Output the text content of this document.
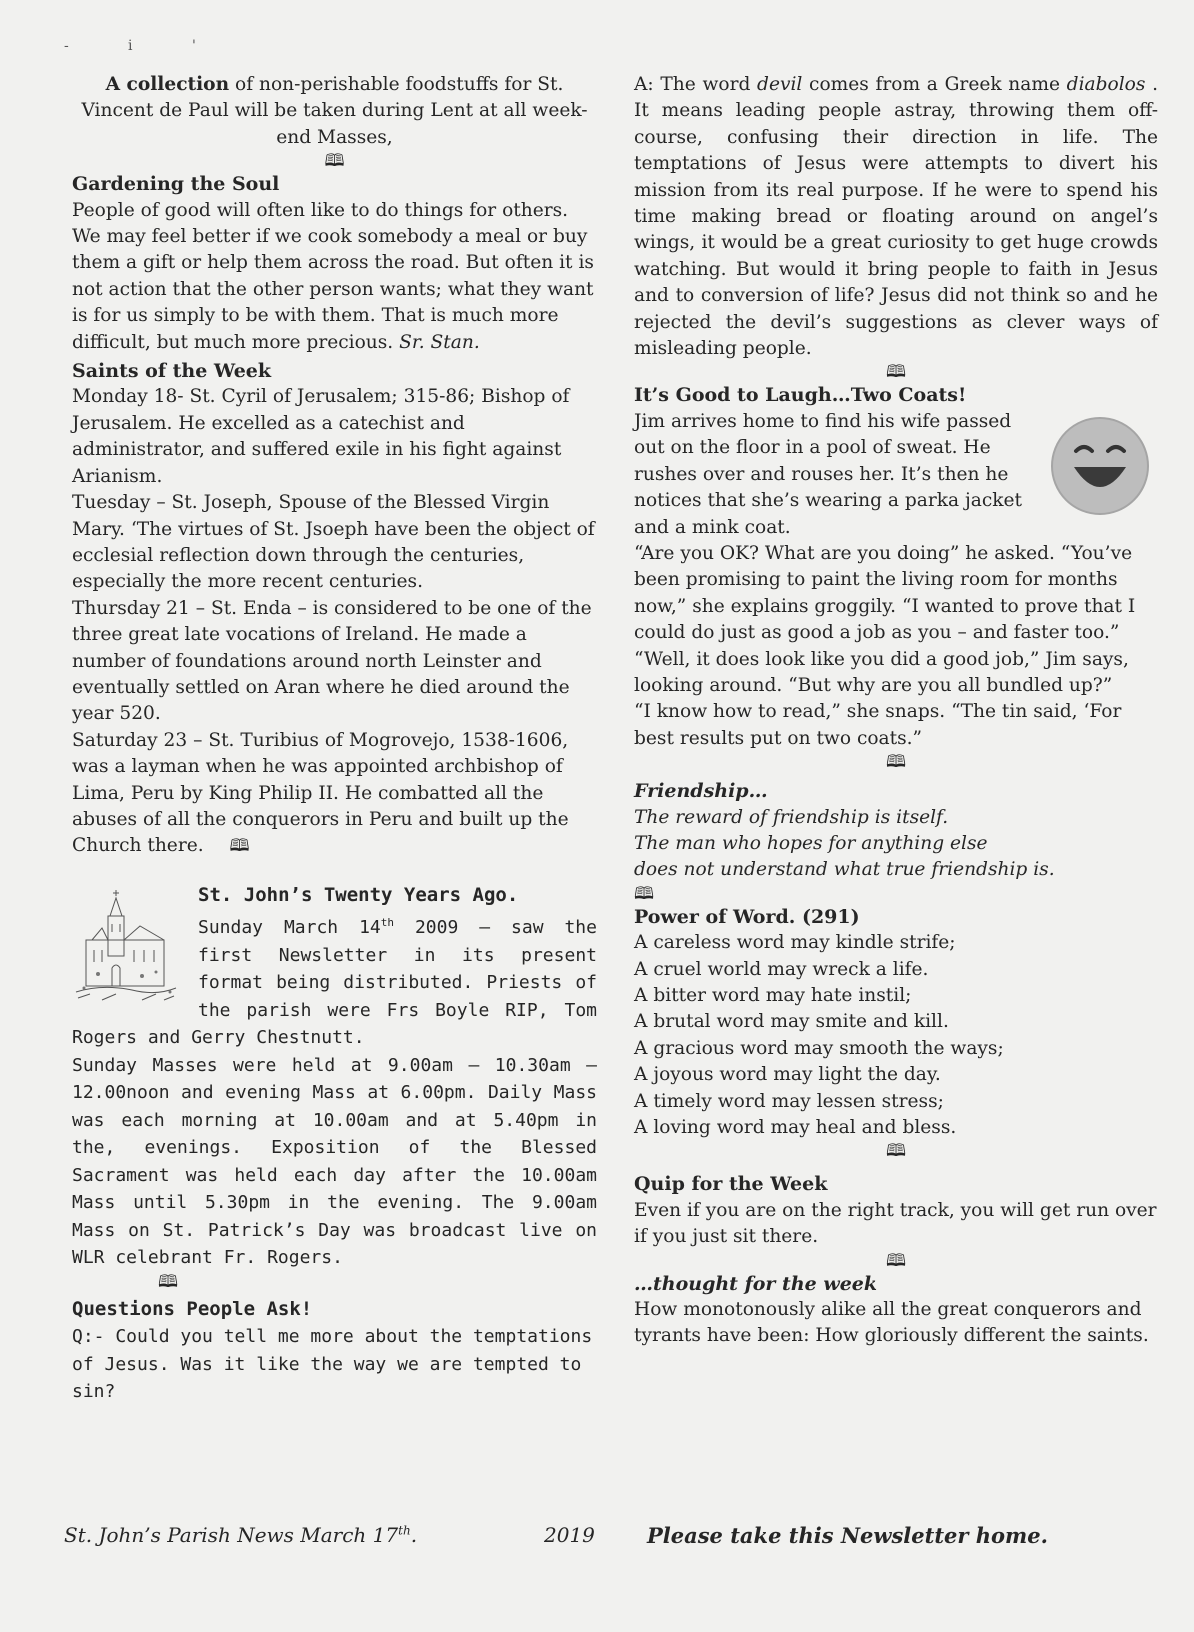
-	i	'
A collection of non-perishable foodstuffs for St.
Vincent de Paul will be taken during Lent at all week-
end Masses,
🕮
Gardening the Soul
People of good will often like to do things for others. We may feel better if we cook somebody a meal or buy them a gift or help them across the road. But often it is not action that the other person wants; what they want is for us simply to be with them. That is much more difficult, but much more precious. Sr. Stan.
Saints of the Week
Monday 18- St. Cyril of Jerusalem; 315-86; Bishop of Jerusalem. He excelled as a catechist and administrator, and suffered exile in his fight against Arianism.
Tuesday – St. Joseph, Spouse of the Blessed Virgin Mary. ‘The virtues of St. Jsoeph have been the object of ecclesial reflection down through the centuries, especially the more recent centuries.
Thursday 21 – St. Enda – is considered to be one of the three great late vocations of Ireland. He made a number of foundations around north Leinster and eventually settled on Aran where he died around the year 520.
Saturday 23 – St. Turibius of Mogrovejo, 1538-1606, was a layman when he was appointed archbishop of Lima, Peru by King Philip II. He combatted all the abuses of all the conquerors in Peru and built up the Church there. 🕮
St. John’s Twenty Years Ago.
Sunday March 14th 2009 – saw the first Newsletter in its present format being distributed. Priests of the parish were Frs Boyle RIP, Tom Rogers and Gerry Chestnutt.
Sunday Masses were held at 9.00am – 10.30am – 12.00noon and evening Mass at 6.00pm. Daily Mass was each morning at 10.00am and at 5.40pm in the, evenings. Exposition of the Blessed Sacrament was held each day after the 10.00am Mass until 5.30pm in the evening. The 9.00am Mass on St. Patrick’s Day was broadcast live on WLR celebrant Fr. Rogers.
🕮
Questions People Ask!
Q:- Could you tell me more about the temptations of Jesus. Was it like the way we are tempted to sin?
A: The word devil comes from a Greek name diabolos . It means leading people astray, throwing them off-course, confusing their direction in life. The temptations of Jesus were attempts to divert his mission from its real purpose. If he were to spend his time making bread or floating around on angel’s wings, it would be a great curiosity to get huge crowds watching. But would it bring people to faith in Jesus and to conversion of life? Jesus did not think so and he rejected the devil’s suggestions as clever ways of misleading people.
🕮
It’s Good to Laugh…Two Coats!
Jim arrives home to find his wife passed out on the floor in a pool of sweat. He rushes over and rouses her. It’s then he notices that she’s wearing a parka jacket and a mink coat.
“Are you OK? What are you doing” he asked. “You’ve been promising to paint the living room for months now,” she explains groggily. “I wanted to prove that I could do just as good a job as you – and faster too.”
“Well, it does look like you did a good job,” Jim says, looking around. “But why are you all bundled up?”
“I know how to read,” she snaps. “The tin said, ‘For best results put on two coats.”
🕮
Friendship…
The reward of friendship is itself.
The man who hopes for anything else
does not understand what true friendship is.
🕮
Power of Word. (291)
A careless word may kindle strife;
A cruel world may wreck a life.
A bitter word may hate instil;
A brutal word may smite and kill.
A gracious word may smooth the ways;
A joyous word may light the day.
A timely word may lessen stress;
A loving word may heal and bless.
🕮
Quip for the Week
Even if you are on the right track, you will get run over if you just sit there.
🕮
…thought for the week
How monotonously alike all the great conquerors and tyrants have been: How gloriously different the saints.
St. John’s Parish News March 17th.	2019 Please take this Newsletter home.
